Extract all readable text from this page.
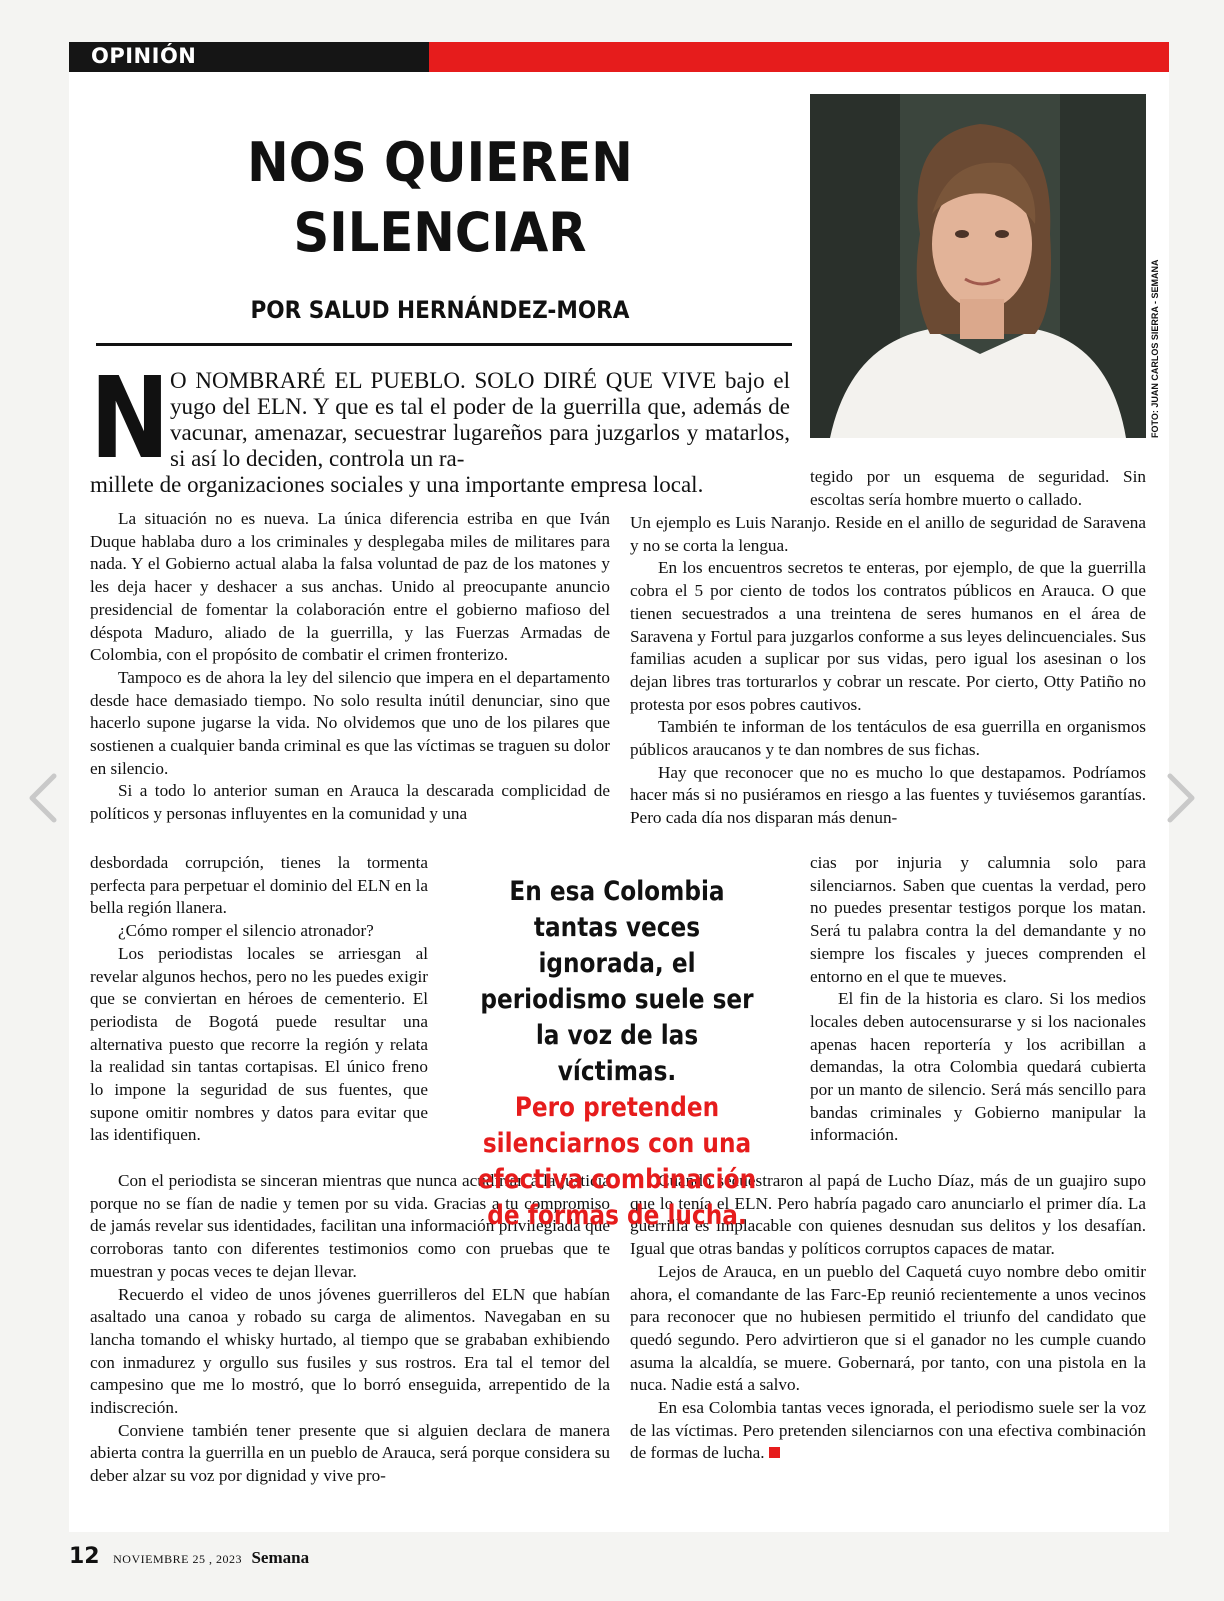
OPINIÓN
NOS QUIEREN SILENCIAR
POR SALUD HERNÁNDEZ-MORA	FOTO: JUAN CARLOS SIERRA - SEMANA
N O NOMBRARÉ EL PUEBLO. SOLO DIRÉ QUE VIVE bajo el yugo del ELN. Y que es tal el poder de la guerrilla que, además de vacunar, amenazar, secuestrar lugareños para juzgarlos y matarlos, si así lo deciden, controla un ra-
millete de organizaciones sociales y una importante empresa local.

La situación no es nueva. La única diferencia estriba en que Iván Duque hablaba duro a los criminales y desplegaba miles de militares para nada. Y el Gobierno actual alaba la falsa voluntad de paz de los matones y les deja hacer y deshacer a sus anchas. Unido al preocupante anuncio presidencial de fomentar la colaboración entre el gobierno mafioso del déspota Maduro, aliado de la guerrilla, y las Fuerzas Armadas de Colombia, con el propósito de combatir el crimen fronterizo.

Tampoco es de ahora la ley del silencio que impera en el departamento desde hace demasiado tiempo. No solo resulta inútil denunciar, sino que hacerlo supone jugarse la vida. No olvidemos que uno de los pilares que sostienen a cualquier banda criminal es que las víctimas se traguen su dolor en silencio.

Si a todo lo anterior suman en Arauca la descarada complicidad de políticos y personas influyentes en la comunidad y una

desbordada corrupción, tienes la tormenta perfecta para perpetuar el dominio del ELN en la bella región llanera.

¿Cómo romper el silencio atronador?

Los periodistas locales se arriesgan al revelar algunos hechos, pero no les puedes exigir que se conviertan en héroes de cementerio. El periodista de Bogotá puede resultar una alternativa puesto que recorre la región y relata la realidad sin tantas cortapisas. El único freno lo impone la seguridad de sus fuentes, que supone omitir nombres y datos para evitar que las identifiquen.

Con el periodista se sinceran mientras que nunca acudirían a la justicia porque no se fían de nadie y temen por su vida. Gracias a tu compromiso de jamás revelar sus identidades, facilitan una información privilegiada que corroboras tanto con diferentes testimonios como con pruebas que te muestran y pocas veces te dejan llevar.

Recuerdo el video de unos jóvenes guerrilleros del ELN que habían asaltado una canoa y robado su carga de alimentos. Navegaban en su lancha tomando el whisky hurtado, al tiempo que se grababan exhibiendo con inmadurez y orgullo sus fusiles y sus rostros. Era tal el temor del campesino que me lo mostró, que lo borró enseguida, arrepentido de la indiscreción.

Conviene también tener presente que si alguien declara de manera abierta contra la guerrilla en un pueblo de Arauca, será porque considera su deber alzar su voz por dignidad y vive pro-

tegido por un esquema de seguridad. Sin escoltas sería hombre muerto o callado.

Un ejemplo es Luis Naranjo. Reside en el anillo de seguridad de Saravena y no se corta la lengua.

En los encuentros secretos te enteras, por ejemplo, de que la guerrilla cobra el 5 por ciento de todos los contratos públicos en Arauca. O que tienen secuestrados a una treintena de seres humanos en el área de Saravena y Fortul para juzgarlos conforme a sus leyes delincuenciales. Sus familias acuden a suplicar por sus vidas, pero igual los asesinan o los dejan libres tras torturarlos y cobrar un rescate. Por cierto, Otty Patiño no protesta por esos pobres cautivos.

También te informan de los tentáculos de esa guerrilla en organismos públicos araucanos y te dan nombres de sus fichas.

Hay que reconocer que no es mucho lo que destapamos. Podríamos hacer más si no pusiéramos en riesgo a las fuentes y tuviésemos garantías. Pero cada día nos disparan más denun-

cias por injuria y calumnia solo para silenciarnos. Saben que cuentas la verdad, pero no puedes presentar testigos porque los matan. Será tu palabra contra la del demandante y no siempre los fiscales y jueces comprenden el entorno en el que te mueves.

El fin de la historia es claro. Si los medios locales deben autocensurarse y si los nacionales apenas hacen reportería y los acribillan a demandas, la otra Colombia quedará cubierta por un manto de silencio. Será más sencillo para bandas criminales y Gobierno manipular la información.

Cuando secuestraron al papá de Lucho Díaz, más de un guajiro supo que lo tenía el ELN. Pero habría pagado caro anunciarlo el primer día. La guerrilla es implacable con quienes desnudan sus delitos y los desafían. Igual que otras bandas y políticos corruptos capaces de matar.

Lejos de Arauca, en un pueblo del Caquetá cuyo nombre debo omitir ahora, el comandante de las Farc-Ep reunió recientemente a unos vecinos para reconocer que no hubiesen permitido el triunfo del candidato que quedó segundo. Pero advirtieron que si el ganador no les cumple cuando asuma la alcaldía, se muere. Gobernará, por tanto, con una pistola en la nuca. Nadie está a salvo.

En esa Colombia tantas veces ignorada, el periodismo suele ser la voz de las víctimas. Pero pretenden silenciarnos con una efectiva combinación de formas de lucha.

En esa Colombia tantas veces ignorada, el periodismo suele ser la voz de las víctimas.
Pero pretenden silenciarnos con una efectiva combinación de formas de lucha.
12 NOVIEMBRE 25 , 2023 Semana
